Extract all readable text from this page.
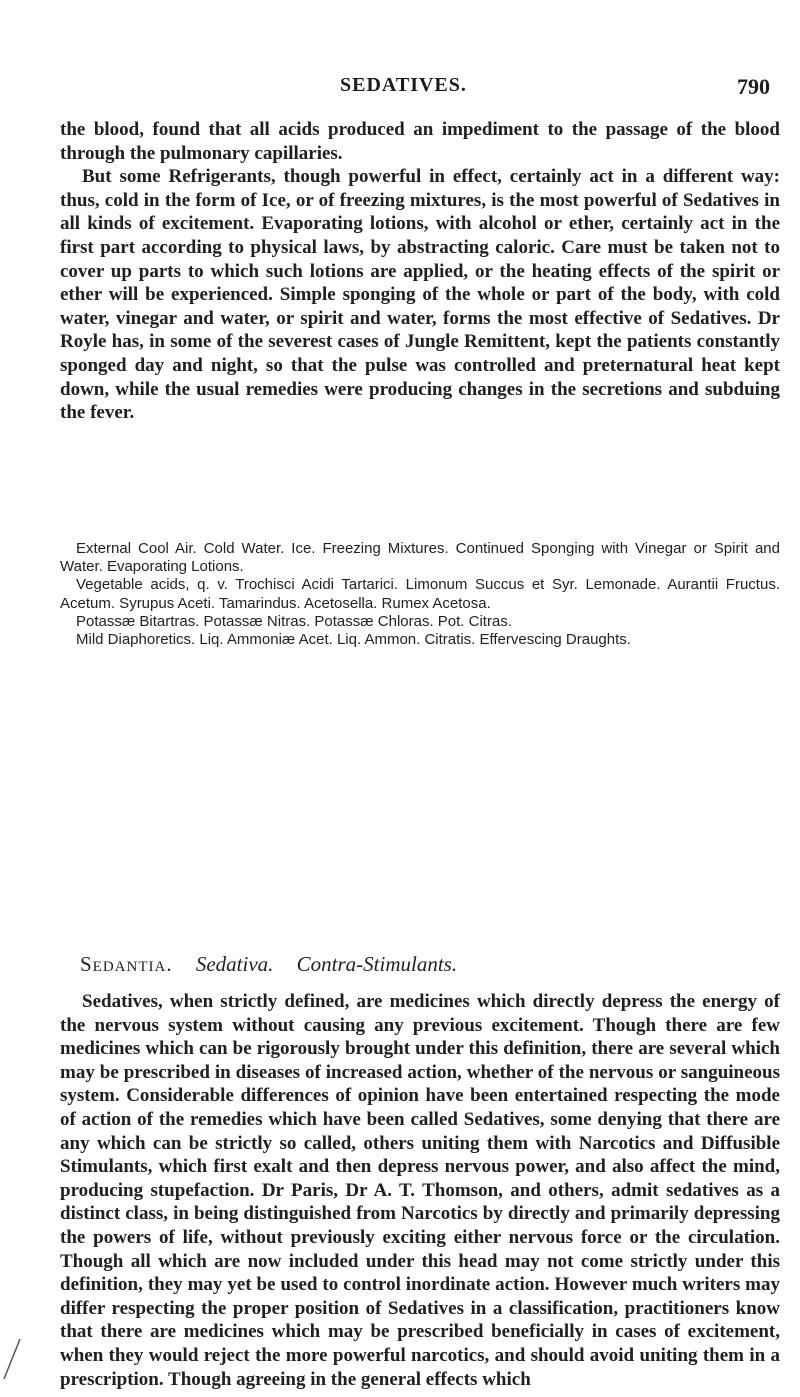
SEDATIVES.	790

the blood, found that all acids produced an impediment to the passage of the blood through the pulmonary capillaries.

But some Refrigerants, though powerful in effect, certainly act in a different way: thus, cold in the form of Ice, or of freezing mixtures, is the most powerful of Sedatives in all kinds of excitement. Evaporating lotions, with alcohol or ether, certainly act in the first part according to physical laws, by abstracting caloric. Care must be taken not to cover up parts to which such lotions are applied, or the heating effects of the spirit or ether will be experienced. Simple sponging of the whole or part of the body, with cold water, vinegar and water, or spirit and water, forms the most effective of Sedatives. Dr Royle has, in some of the severest cases of Jungle Remittent, kept the patients constantly sponged day and night, so that the pulse was controlled and preternatural heat kept down, while the usual remedies were producing changes in the secretions and subduing the fever.

External Cool Air. Cold Water. Ice. Freezing Mixtures. Continued Sponging with Vinegar or Spirit and Water. Evaporating Lotions.

Vegetable acids, q. v. Trochisci Acidi Tartarici. Limonum Succus et Syr. Lemonade. Aurantii Fructus. Acetum. Syrupus Aceti. Tamarindus. Acetosella. Rumex Acetosa.

Potassæ Bitartras. Potassæ Nitras. Potassæ Chloras. Pot. Citras.

Mild Diaphoretics. Liq. Ammoniæ Acet. Liq. Ammon. Citratis. Effervescing Draughts.

Sedantia. Sedativa. Contra-Stimulants.

Sedatives, when strictly defined, are medicines which directly depress the energy of the nervous system without causing any previous excitement. Though there are few medicines which can be rigorously brought under this definition, there are several which may be prescribed in diseases of increased action, whether of the nervous or sanguineous system. Considerable differences of opinion have been entertained respecting the mode of action of the remedies which have been called Sedatives, some denying that there are any which can be strictly so called, others uniting them with Narcotics and Diffusible Stimulants, which first exalt and then depress nervous power, and also affect the mind, producing stupefaction. Dr Paris, Dr A. T. Thomson, and others, admit sedatives as a distinct class, in being distinguished from Narcotics by directly and primarily depressing the powers of life, without previously exciting either nervous force or the circulation. Though all which are now included under this head may not come strictly under this definition, they may yet be used to control inordinate action. However much writers may differ respecting the proper position of Sedatives in a classification, practitioners know that there are medicines which may be prescribed beneficially in cases of excitement, when they would reject the more powerful narcotics, and should avoid uniting them in a prescription. Though agreeing in the general effects which
